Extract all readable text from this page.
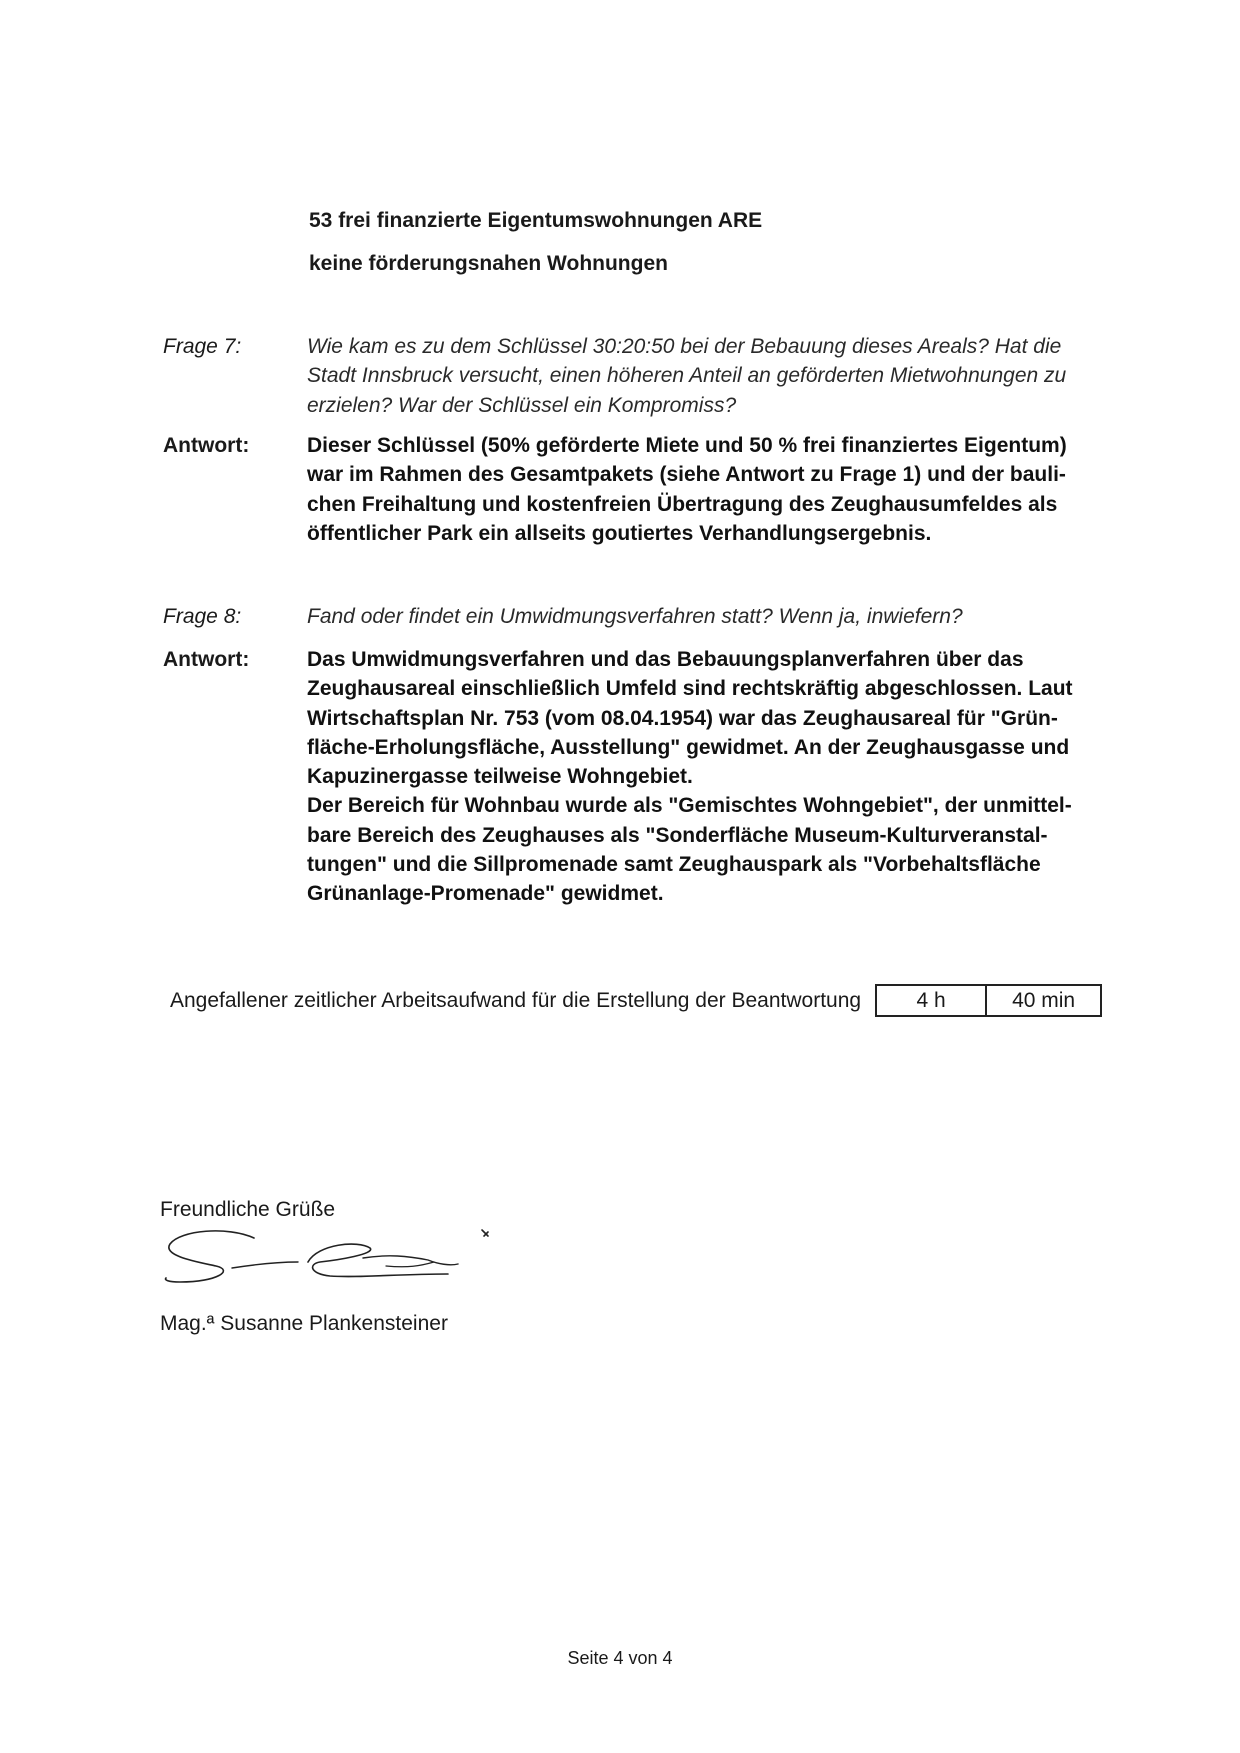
53 frei finanzierte Eigentumswohnungen ARE
keine förderungsnahen Wohnungen
Frage 7:	Wie kam es zu dem Schlüssel 30:20:50 bei der Bebauung dieses Areals? Hat die
Stadt Innsbruck versucht, einen höheren Anteil an geförderten Mietwohnungen zu
erzielen? War der Schlüssel ein Kompromiss?
Antwort:	Dieser Schlüssel (50% geförderte Miete und 50 % frei finanziertes Eigentum)
war im Rahmen des Gesamtpakets (siehe Antwort zu Frage 1) und der bauli-
chen Freihaltung und kostenfreien Übertragung des Zeughausumfeldes als
öffentlicher Park ein allseits goutiertes Verhandlungsergebnis.
Frage 8:	Fand oder findet ein Umwidmungsverfahren statt? Wenn ja, inwiefern?
Antwort:	Das Umwidmungsverfahren und das Bebauungsplanverfahren über das
Zeughausareal einschließlich Umfeld sind rechtskräftig abgeschlossen. Laut
Wirtschaftsplan Nr. 753 (vom 08.04.1954) war das Zeughausareal für "Grün-
fläche-Erholungsfläche, Ausstellung" gewidmet. An der Zeughausgasse und
Kapuzinergasse teilweise Wohngebiet.
Der Bereich für Wohnbau wurde als "Gemischtes Wohngebiet", der unmittel-
bare Bereich des Zeughauses als "Sonderfläche Museum-Kulturveranstal-
tungen" und die Sillpromenade samt Zeughauspark als "Vorbehaltsfläche
Grünanlage-Promenade" gewidmet.
Angefallener zeitlicher Arbeitsaufwand für die Erstellung der Beantwortung	4 h	40 min
Freundliche Grüße
Mag.ª Susanne Plankensteiner
Seite 4 von 4
